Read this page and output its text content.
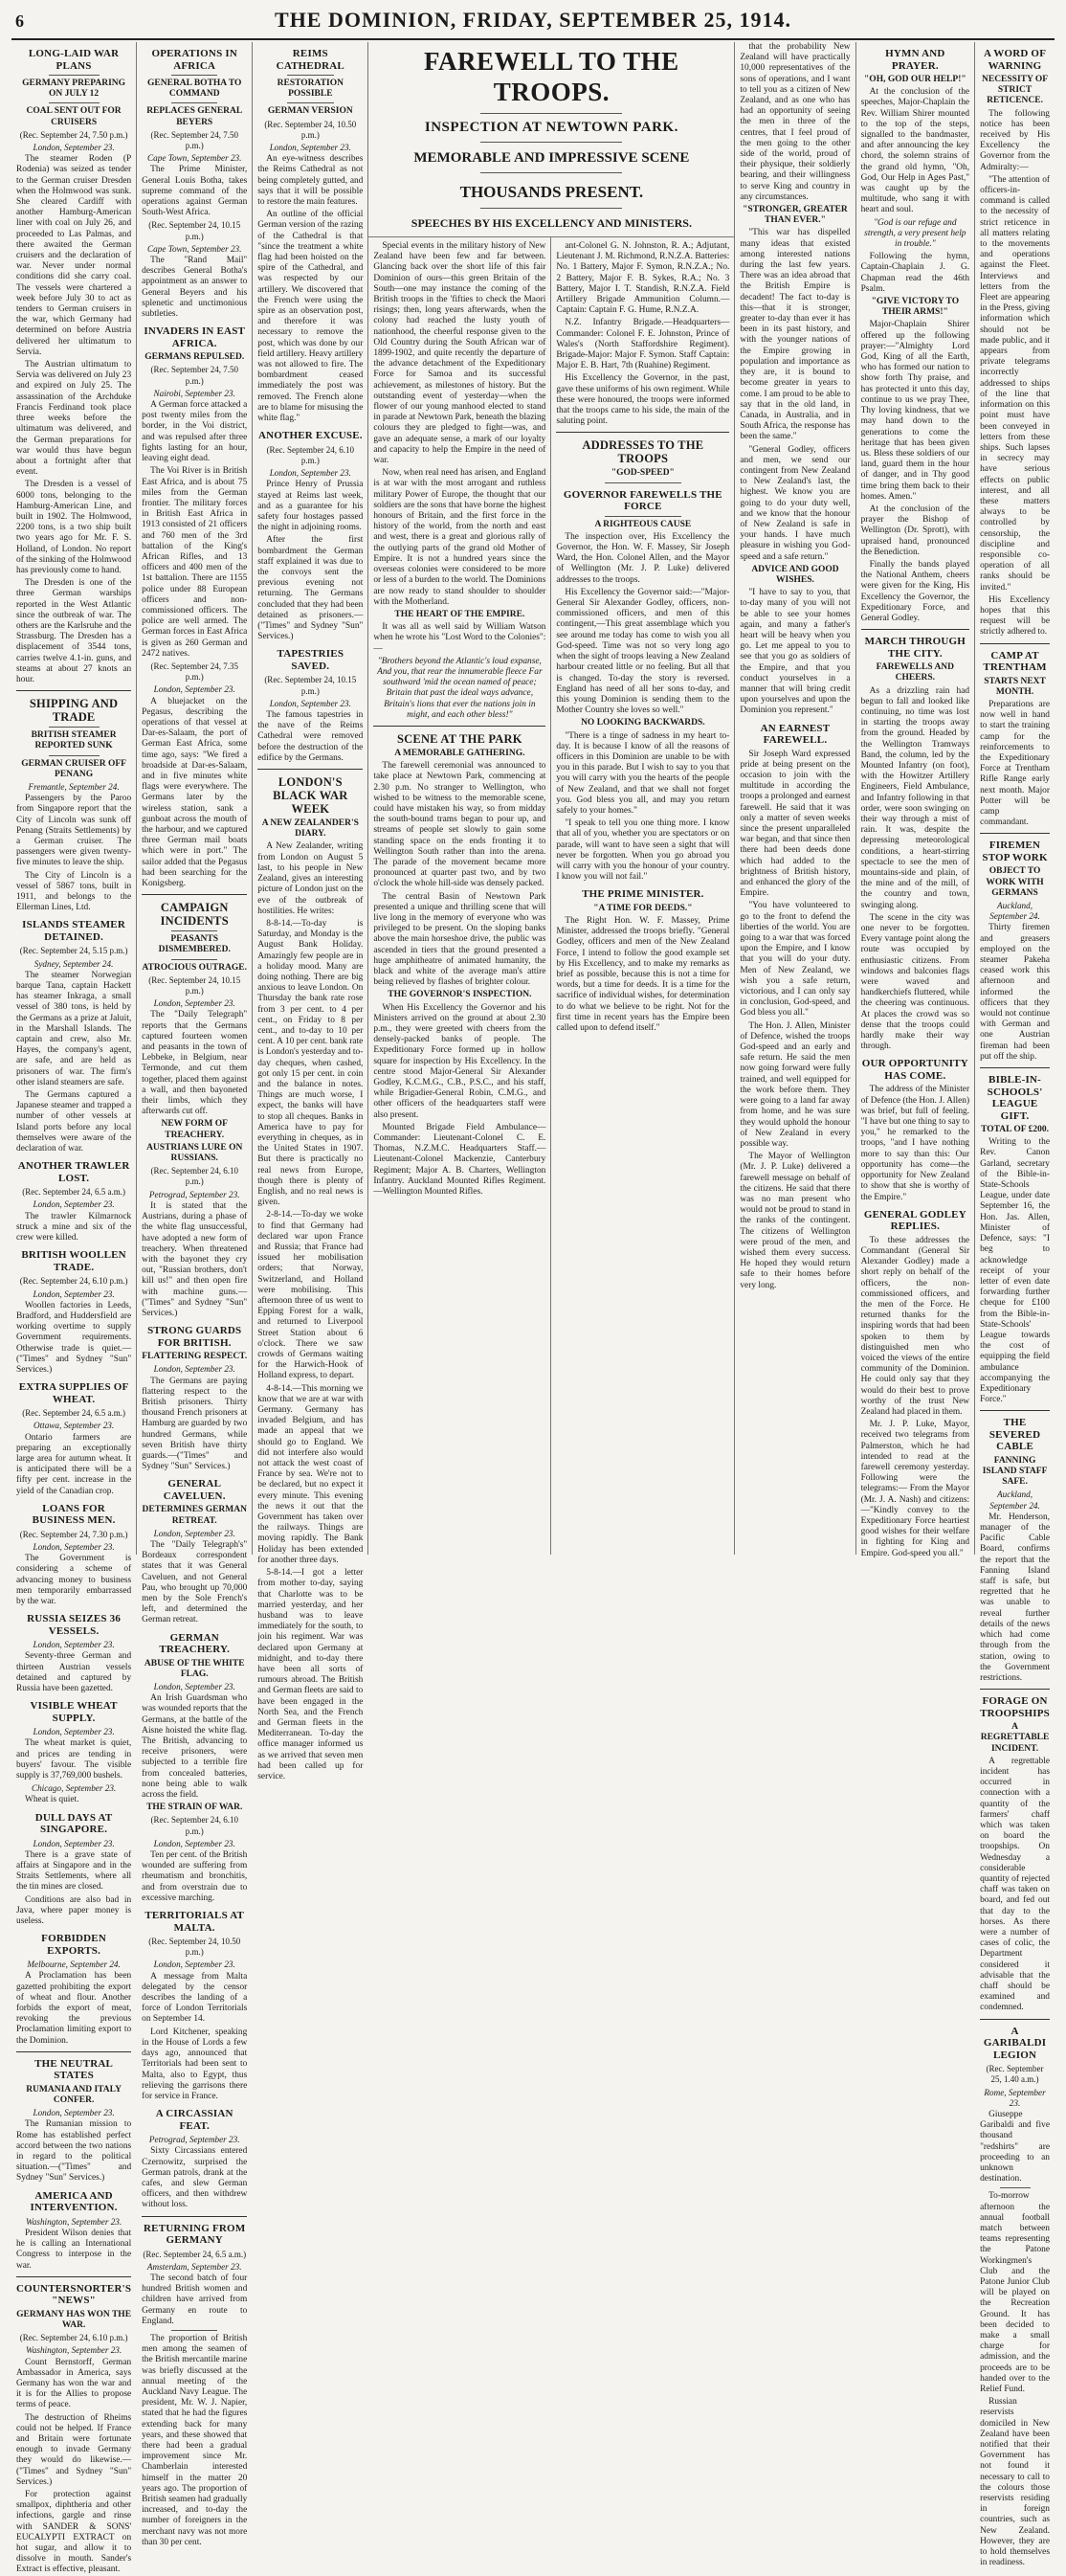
6	THE DOMINION, FRIDAY, SEPTEMBER 25, 1914.
LONG-LAID WAR PLANS
GERMANY PREPARING ON JULY 12
COAL SENT OUT FOR CRUISERS
(Rec. September 24, 7.50 p.m.)
London, September 23.

The steamer Roden (P Rodenia) was seized as tender to the German cruiser Dresden when the Holmwood was sunk. She cleared Cardiff with another Hamburg-American liner with coal on July 26, and proceeded to Las Palmas, and there awaited the German cruisers and the declaration of war. Never under normal conditions did she carry coal. The vessels were chartered a week before July 30 to act as tenders to German cruisers in the war, which Germany had determined on before Austria delivered her ultimatum to Servia.

The Austrian ultimatum to Servia was delivered on July 23 and expired on July 25. The assassination of the Archduke Francis Ferdinand took place three weeks before the ultimatum was delivered, and the German preparations for war would thus have begun about a fortnight after that event.

The Dresden is a vessel of 6000 tons, belonging to the Hamburg-American Line, and built in 1902. The Holmwood, 2200 tons, is a two ship built two years ago for Mr. F. S. Holland, of London. No report of the sinking of the Holmwood has previously come to hand.

The Dresden is one of the three German warships reported in the West Atlantic since the outbreak of war. The others are the Karlsruhe and the Strassburg. The Dresden has a displacement of 3544 tons, carries twelve 4.1-in. guns, and steams at about 27 knots an hour.

SHIPPING AND TRADE
BRITISH STEAMER REPORTED SUNK
GERMAN CRUISER OFF PENANG
Fremantle, September 24.

Passengers by the Paroo from Singapore report that the City of Lincoln was sunk off Penang (Straits Settlements) by a German cruiser. The passengers were given twenty-five minutes to leave the ship.

The City of Lincoln is a vessel of 5867 tons, built in 1911, and belongs to the Ellerman Lines, Ltd.

ISLANDS STEAMER DETAINED.
(Rec. September 24, 5.15 p.m.)
Sydney, September 24.

The steamer Norwegian barque Tana, captain Hackett has steamer Inkraga, a small vessel of 380 tons, is held by the Germans as a prize at Jaluit, in the Marshall Islands. The captain and crew, also Mr. Hayes, the company's agent, are safe, and are held as prisoners of war. The firm's other island steamers are safe.

The Germans captured a Japanese steamer and trapped a number of other vessels at Island ports before any local themselves were aware of the declaration of war.

ANOTHER TRAWLER LOST.
(Rec. September 24, 6.5 a.m.)
London, September 23.

The trawler Kilmarnock struck a mine and six of the crew were killed.

BRITISH WOOLLEN TRADE.
(Rec. September 24, 6.10 p.m.)
London, September 23.

Woollen factories in Leeds, Bradford, and Huddersfield are working overtime to supply Government requirements. Otherwise trade is quiet.—("Times" and Sydney "Sun" Services.)

EXTRA SUPPLIES OF WHEAT.
(Rec. September 24, 6.5 a.m.)
Ottawa, September 23.

Ontario farmers are preparing an exceptionally large area for autumn wheat. It is anticipated there will be a fifty per cent. increase in the yield of the Canadian crop.

LOANS FOR BUSINESS MEN.
(Rec. September 24, 7.30 p.m.)
London, September 23.

The Government is considering a scheme of advancing money to business men temporarily embarrassed by the war.

RUSSIA SEIZES 36 VESSELS.
London, September 23.

Seventy-three German and thirteen Austrian vessels detained and captured by Russia have been gazetted.

VISIBLE WHEAT SUPPLY.
London, September 23.

The wheat market is quiet, and prices are tending in buyers' favour. The visible supply is 37,769,000 bushels.

Chicago, September 23.

Wheat is quiet.

DULL DAYS AT SINGAPORE.
London, September 23.

There is a grave state of affairs at Singapore and in the Straits Settlements, where all the tin mines are closed.

Conditions are also bad in Java, where paper money is useless.

FORBIDDEN EXPORTS.
Melbourne, September 24.

A Proclamation has been gazetted prohibiting the export of wheat and flour. Another forbids the export of meat, revoking the previous Proclamation limiting export to the Dominion.

THE NEUTRAL STATES
RUMANIA AND ITALY CONFER.
London, September 23.

The Rumanian mission to Rome has established perfect accord between the two nations in regard to the political situation.—("Times" and Sydney "Sun" Services.)

AMERICA AND INTERVENTION.
Washington, September 23.

President Wilson denies that he is calling an International Congress to interpose in the war.

COUNTERSNORTER'S "NEWS"
GERMANY HAS WON THE WAR.
(Rec. September 24, 6.10 p.m.)
Washington, September 23.

Count Bernstorff, German Ambassador in America, says Germany has won the war and it is for the Allies to propose terms of peace.

The destruction of Rheims could not be helped. If France and Britain were fortunate enough to invade Germany they would do likewise.—("Times" and Sydney "Sun" Services.)

For protection against smallpox, diphtheria and other infections, gargle and rinse with SANDER & SONS' EUCALYPTI EXTRACT on hot sugar, and allow it to dissolve in mouth. Sander's Extract is effective, pleasant.

OPERATIONS IN AFRICA
GENERAL BOTHA TO COMMAND
REPLACES GENERAL BEYERS
(Rec. September 24, 7.50 p.m.)
Cape Town, September 23.

The Prime Minister, General Louis Botha, takes supreme command of the operations against German South-West Africa.

(Rec. September 24, 10.15 p.m.)
Cape Town, September 23.

The "Rand Mail" describes General Botha's appointment as an answer to General Beyers and his splenetic and unctimonious subtleties.

INVADERS IN EAST AFRICA.
GERMANS REPULSED.
(Rec. September 24, 7.50 p.m.)
Nairobi, September 23.

A German force attacked a post twenty miles from the border, in the Voi district, and was repulsed after three fights lasting for an hour, leaving eight dead.

The Voi River is in British East Africa, and is about 75 miles from the German frontier. The military forces in British East Africa in 1913 consisted of 21 officers and 760 men of the 3rd battalion of the King's African Rifles, and 13 officers and 400 men of the 1st battalion. There are 1155 police under 88 European officers and non-commissioned officers. The police are well armed. The German forces in East Africa is given as 260 German and 2472 natives.

(Rec. September 24, 7.35 p.m.)
London, September 23.

A bluejacket on the Pegasus, describing the operations of that vessel at Dar-es-Salaam, the port of German East Africa, some time ago, says: "We fired a broadside at Dar-es-Salaam, and in five minutes white flags were everywhere. The Germans later by the wireless station, sank a gunboat across the mouth of the harbour, and we captured three German mail boats which were in port." The sailor added that the Pegasus had been searching for the Konigsberg.

CAMPAIGN INCIDENTS
PEASANTS DISMEMBERED.
ATROCIOUS OUTRAGE.
(Rec. September 24, 10.15 p.m.)
London, September 23.

The "Daily Telegraph" reports that the Germans captured fourteen women and peasants in the town of Lebbeke, in Belgium, near Termonde, and cut them together, placed them against a wall, and then bayoneted their limbs, which they afterwards cut off.

NEW FORM OF TREACHERY.
AUSTRIANS LURE ON RUSSIANS.
(Rec. September 24, 6.10 p.m.)
Petrograd, September 23.

It is stated that the Austrians, during a phase of the white flag unsuccessful, have adopted a new form of treachery. When threatened with the bayonet they cry out, "Russian brothers, don't kill us!" and then open fire with machine guns.—("Times" and Sydney "Sun" Services.)

STRONG GUARDS FOR BRITISH.
FLATTERING RESPECT.
London, September 23.

The Germans are paying flattering respect to the British prisoners. Thirty thousand French prisoners at Hamburg are guarded by two hundred Germans, while seven British have thirty guards.—("Times" and Sydney "Sun" Services.)

GENERAL CAVELUEN.
DETERMINES GERMAN RETREAT.
London, September 23.

The "Daily Telegraph's" Bordeaux correspondent states that it was General Caveluen, and not General Pau, who brought up 70,000 men by the Sole French's left, and determined the German retreat.

GERMAN TREACHERY.
ABUSE OF THE WHITE FLAG.
London, September 23.

An Irish Guardsman who was wounded reports that the Germans, at the battle of the Aisne hoisted the white flag. The British, advancing to receive prisoners, were subjected to a terrible fire from concealed batteries, none being able to walk across the field.

THE STRAIN OF WAR.
(Rec. September 24, 6.10 p.m.)
London, September 23.

Ten per cent. of the British wounded are suffering from rheumatism and bronchitis, and from overstrain due to excessive marching.

TERRITORIALS AT MALTA.
(Rec. September 24, 10.50 p.m.)
London, September 23.

A message from Malta delegated by the censor describes the landing of a force of London Territorials on September 14.

Lord Kitchener, speaking in the House of Lords a few days ago, announced that Territorials had been sent to Malta, also to Egypt, thus relieving the garrisons there for service in France.

A CIRCASSIAN FEAT.
Petrograd, September 23.

Sixty Circassians entered Czernowitz, surprised the German patrols, drank at the cafes, and slew German officers, and then withdrew without loss.

RETURNING FROM GERMANY
(Rec. September 24, 6.5 a.m.)
Amsterdam, September 23.

The second batch of four hundred British women and children have arrived from Germany en route to England.

The proportion of British men among the seamen of the British mercantile marine was briefly discussed at the annual meeting of the Auckland Navy League. The president, Mr. W. J. Napier, stated that he had the figures extending back for many years, and these showed that there had been a gradual improvement since Mr. Chamberlain interested himself in the matter 20 years ago. The proportion of British seamen had gradually increased, and to-day the number of foreigners in the merchant navy was not more than 30 per cent.

REIMS CATHEDRAL
RESTORATION POSSIBLE
GERMAN VERSION
(Rec. September 24, 10.50 p.m.)
London, September 23.

An eye-witness describes the Reims Cathedral as not being completely gutted, and says that it will be possible to restore the main features.

An outline of the official German version of the razing of the Cathedral is that "since the treatment a white flag had been hoisted on the spire of the Cathedral, and was respected by our artillery. We discovered that the French were using the spire as an observation post, and therefore it was necessary to remove the post, which was done by our field artillery. Heavy artillery was not allowed to fire. The bombardment ceased immediately the post was removed. The French alone are to blame for misusing the white flag."

ANOTHER EXCUSE.
(Rec. September 24, 6.10 p.m.)
London, September 23.

Prince Henry of Prussia stayed at Reims last week, and as a guarantee for his safety four hostages passed the night in adjoining rooms.

After the first bombardment the German staff explained it was due to the convoys sent the previous evening not returning. The Germans concluded that they had been detained as prisoners.—("Times" and Sydney "Sun" Services.)

TAPESTRIES SAVED.
(Rec. September 24, 10.15 p.m.)
London, September 23.

The famous tapestries in the nave of the Reims Cathedral were removed before the destruction of the edifice by the Germans.

LONDON'S BLACK WAR WEEK
A NEW ZEALANDER'S DIARY.

A New Zealander, writing from London on August 5 last, to his people in New Zealand, gives an interesting picture of London just on the eve of the outbreak of hostilities. He writes:

8-8-14.—To-day is Saturday, and Monday is the August Bank Holiday. Amazingly few people are in a holiday mood. Many are doing nothing. There are big anxious to leave London. On Thursday the bank rate rose from 3 per cent. to 4 per cent., on Friday to 8 per cent., and to-day to 10 per cent. A 10 per cent. bank rate is London's yesterday and to-day cheques, when cashed, got only 15 per cent. in coin and the balance in notes. Things are much worse, I expect, the banks will have to stop all cheques. Banks in America have to pay for everything in cheques, as in the United States in 1907. But there is practically no real news from Europe, though there is plenty of English, and no real news is given.

2-8-14.—To-day we woke to find that Germany had declared war upon France and Russia; that France had issued her mobilisation orders; that Norway, Switzerland, and Holland were mobilising. This afternoon three of us went to Epping Forest for a walk, and returned to Liverpool Street Station about 6 o'clock. There we saw crowds of Germans waiting for the Harwich-Hook of Holland express, to depart.

4-8-14.—This morning we know that we are at war with Germany. Germany has invaded Belgium, and has made an appeal that we should go to England. We did not interfere also would not attack the west coast of France by sea. We're not to be declared, but no expect it every minute. This evening the news it out that the Government has taken over the railways. Things are moving rapidly. The Bank Holiday has been extended for another three days.

5-8-14.—I got a letter from mother to-day, saying that Charlotte was to be married yesterday, and her husband was to leave immediately for the south, to join his regiment. War was declared upon Germany at midnight, and to-day there have been all sorts of rumours abroad. The British and German fleets are said to have been engaged in the North Sea, and the French and German fleets in the Mediterranean. To-day the office manager informed us as we arrived that seven men had been called up for service.

FAREWELL TO THE TROOPS.
INSPECTION AT NEWTOWN PARK.
MEMORABLE AND IMPRESSIVE SCENE
THOUSANDS PRESENT.
SPEECHES BY HIS EXCELLENCY AND MINISTERS.

Special events in the military history of New Zealand have been few and far between. Glancing back over the short life of this fair Dominion of ours—this green Britain of the South—one may instance the coming of the British troops in the 'fifties to check the Maori risings; then, long years afterwards, when the colony had reached the lusty youth of nationhood, the cheerful response given to the Old Country during the South African war of 1899-1902, and quite recently the departure of the advance detachment of the Expeditionary Force for Samoa and its successful achievement, as milestones of history. But the outstanding event of yesterday—when the flower of our young manhood elected to stand in parade at Newtown Park, beneath the blazing colours they are pledged to fight—was, and gave an adequate sense, a mark of our loyalty and capacity to help the Empire in the need of war.

Now, when real need has arisen, and England is at war with the most arrogant and ruthless military Power of Europe, the thought that our soldiers are the sons that have borne the highest honours of Britain, and the first force in the history of the world, from the north and east and west, there is a great and glorious rally of the outlying parts of the grand old Mother of Empire. It is not a hundred years since the overseas colonies were considered to be more or less of a burden to the world. The Dominions are now ready to stand shoulder to shoulder with the Motherland.

THE HEART OF THE EMPIRE.

It was all as well said by William Watson when he wrote his "Lost Word to the Colonies":—

"Brothers beyond the Atlantic's loud expanse, And you, that rear the innumerable fleece Far southward 'mid the ocean named of peace; Britain that past the ideal ways advance, Britain's lions that ever the nations join in might, and each other bless!"
SCENE AT THE PARK
A MEMORABLE GATHERING.

The farewell ceremonial was announced to take place at Newtown Park, commencing at 2.30 p.m. No stranger to Wellington, who wished to be witness to the memorable scene, could have mistaken his way, so from midday the south-bound trams began to pour up, and streams of people set slowly to gain some standing space on the ends fronting it to Wellington South rather than into the arena. The parade of the movement became more pronounced at quarter past two, and by two o'clock the whole hill-side was densely packed.

The central Basin of Newtown Park presented a unique and thrilling scene that will live long in the memory of everyone who was privileged to be present. On the sloping banks above the main horseshoe drive, the public was ascended in tiers that the ground presented a huge amphitheatre of animated humanity, the black and white of the average man's attire being relieved by flashes of brighter colour.

THE GOVERNOR'S INSPECTION.

When His Excellency the Governor and his Ministers arrived on the ground at about 2.30 p.m., they were greeted with cheers from the densely-packed banks of people. The Expeditionary Force formed up in hollow square for inspection by His Excellency. In the centre stood Major-General Sir Alexander Godley, K.C.M.G., C.B., P.S.C., and his staff, while Brigadier-General Robin, C.M.G., and other officers of the headquarters staff were also present.

Mounted Brigade Field Ambulance—Commander: Lieutenant-Colonel C. E. Thomas, N.Z.M.C. Headquarters Staff.—Lieutenant-Colonel Mackenzie, Canterbury Regiment; Major A. B. Charters, Wellington Infantry. Auckland Mounted Rifles Regiment.—Wellington Mounted Rifles.

ant-Colonel G. N. Johnston, R. A.; Adjutant, Lieutenant J. M. Richmond, R.N.Z.A. Batteries: No. 1 Battery, Major F. Symon, R.N.Z.A.; No. 2 Battery, Major F. B. Sykes, R.A.; No. 3 Battery, Major I. T. Standish, R.N.Z.A. Field Artillery Brigade Ammunition Column.—Captain: Captain F. G. Hume, R.N.Z.A.

N.Z. Infantry Brigade.—Headquarters—Commander: Colonel F. E. Johnston, Prince of Wales's (North Staffordshire Regiment). Brigade-Major: Major F. Symon. Staff Captain: Major E. B. Hart, 7th (Ruahine) Regiment.

His Excellency the Governor, in the past, gave these uniforms of his own regiment. While these were honoured, the troops were informed that the troops came to his side, the main of the saluting point.

ADDRESSES TO THE TROOPS
"GOD-SPEED"
GOVERNOR FAREWELLS THE FORCE
A RIGHTEOUS CAUSE

The inspection over, His Excellency the Governor, the Hon. W. F. Massey, Sir Joseph Ward, the Hon. Colonel Allen, and the Mayor of Wellington (Mr. J. P. Luke) delivered addresses to the troops.

His Excellency the Governor said:—"Major-General Sir Alexander Godley, officers, non-commissioned officers, and men of this contingent,—This great assemblage which you see around me today has come to wish you all God-speed. Time was not so very long ago when the sight of troops leaving a New Zealand harbour created little or no feeling. But all that is changed. To-day the story is reversed. England has need of all her sons to-day, and this young Dominion is sending them to the Mother Country she loves so well."

NO LOOKING BACKWARDS.

"There is a tinge of sadness in my heart to-day. It is because I know of all the reasons of officers in this Dominion are unable to be with you in this parade. But I wish to say to you that you will carry with you the hearts of the people of New Zealand, and that we shall not forget you. God bless you all, and may you return safely to your homes."

"I speak to tell you one thing more. I know that all of you, whether you are spectators or on parade, will want to have seen a sight that will never be forgotten. When you go abroad you will carry with you the honour of your country. I know you will not fail."

THE PRIME MINISTER.
"A TIME FOR DEEDS."

The Right Hon. W. F. Massey, Prime Minister, addressed the troops briefly. "General Godley, officers and men of the New Zealand Force, I intend to follow the good example set by His Excellency, and to make my remarks as brief as possible, because this is not a time for words, but a time for deeds. It is a time for the sacrifice of individual wishes, for determination to do what we believe to be right. Not for the first time in recent years has the Empire been called upon to defend itself."

that the probability New Zealand will have practically 10,000 representatives of the sons of operations, and I want to tell you as a citizen of New Zealand, and as one who has had an opportunity of seeing the men in three of the centres, that I feel proud of the men going to the other side of the world, proud of their physique, their soldierly bearing, and their willingness to serve King and country in any circumstances.

"STRONGER, GREATER THAN EVER."

"This war has dispelled many ideas that existed among interested nations during the last few years. There was an idea abroad that the British Empire is decadent! The fact to-day is this—that it is stronger, greater to-day than ever it has been in its past history, and with the younger nations of the Empire growing in population and importance as they are, it is bound to become greater in years to come. I am proud to be able to say that in the old land, in Canada, in Australia, and in South Africa, the response has been the same."

"General Godley, officers and men, we send our contingent from New Zealand to New Zealand's last, the highest. We know you are going to do your duty well, and we know that the honour of New Zealand is safe in your hands. I have much pleasure in wishing you God-speed and a safe return."

ADVICE AND GOOD WISHES.

"I have to say to you, that to-day many of you will not be able to see your homes again, and many a father's heart will be heavy when you go. Let me appeal to you to see that you go as soldiers of the Empire, and that you conduct yourselves in a manner that will bring credit upon yourselves and upon the Dominion you represent."

AN EARNEST FAREWELL.

Sir Joseph Ward expressed pride at being present on the occasion to join with the multitude in according the troops a prolonged and earnest farewell. He said that it was only a matter of seven weeks since the present unparalleled war began, and that since then there had been deeds done which had added to the brightness of British history, and enhanced the glory of the Empire.

"You have volunteered to go to the front to defend the liberties of the world. You are going to a war that was forced upon the Empire, and I know that you will do your duty. Men of New Zealand, we wish you a safe return, victorious, and I can only say in conclusion, God-speed, and God bless you all."

The Hon. J. Allen, Minister of Defence, wished the troops God-speed and an early and safe return. He said the men now going forward were fully trained, and well equipped for the work before them. They were going to a land far away from home, and he was sure they would uphold the honour of New Zealand in every possible way.

The Mayor of Wellington (Mr. J. P. Luke) delivered a farewell message on behalf of the citizens. He said that there was no man present who would not be proud to stand in the ranks of the contingent. The citizens of Wellington were proud of the men, and wished them every success. He hoped they would return safe to their homes before very long.

HYMN AND PRAYER.
"OH, GOD OUR HELP!"

At the conclusion of the speeches, Major-Chaplain the Rev. William Shirer mounted to the top of the steps, signalled to the bandmaster, and after announcing the key chord, the solemn strains of the grand old hymn, "Oh, God, Our Help in Ages Past," was caught up by the multitude, who sang it with heart and soul.

"God is our refuge and strength, a very present help in trouble."

Following the hymn, Captain-Chaplain J. G. Chapman read the 46th Psalm.

"GIVE VICTORY TO THEIR ARMS!"

Major-Chaplain Shirer offered up the following prayer:—"Almighty Lord God, King of all the Earth, who has formed our nation to show forth Thy praise, and has protected it unto this day, continue to us we pray Thee, Thy loving kindness, that we may hand down to the generations to come the heritage that has been given us. Bless these soldiers of our land, guard them in the hour of danger, and in Thy good time bring them back to their homes. Amen."

At the conclusion of the prayer the Bishop of Wellington (Dr. Sprott), with upraised hand, pronounced the Benediction.

Finally the bands played the National Anthem, cheers were given for the King, His Excellency the Governor, the Expeditionary Force, and General Godley.

MARCH THROUGH THE CITY.
FAREWELLS AND CHEERS.

As a drizzling rain had begun to fall and looked like continuing, no time was lost in starting the troops away from the ground. Headed by the Wellington Tramways Band, the column, led by the Mounted Infantry (on foot), with the Howitzer Artillery Engineers, Field Ambulance, and Infantry following in that order, were soon swinging on their way through a mist of rain. It was, despite the depressing meteorological conditions, a heart-stirring spectacle to see the men of mountains-side and plain, of the mine and of the mill, of the country and town, swinging along.

The scene in the city was one never to be forgotten. Every vantage point along the route was occupied by enthusiastic citizens. From windows and balconies flags were waved and handkerchiefs fluttered, while the cheering was continuous. At places the crowd was so dense that the troops could hardly make their way through.

OUR OPPORTUNITY HAS COME.

The address of the Minister of Defence (the Hon. J. Allen) was brief, but full of feeling. "I have but one thing to say to you," he remarked to the troops, "and I have nothing more to say than this: Our opportunity has come—the opportunity for New Zealand to show that she is worthy of the Empire."

GENERAL GODLEY REPLIES.

To these addresses the Commandant (General Sir Alexander Godley) made a short reply on behalf of the officers, the non-commissioned officers, and the men of the Force. He returned thanks for the inspiring words that had been spoken to them by distinguished men who voiced the views of the entire community of the Dominion. He could only say that they would do their best to prove worthy of the trust New Zealand had placed in them.

Mr. J. P. Luke, Mayor, received two telegrams from Palmerston, which he had intended to read at the farewell ceremony yesterday. Following were the telegrams:— From the Mayor (Mr. J. A. Nash) and citizens:—"Kindly convey to the Expeditionary Force heartiest good wishes for their welfare in fighting for King and Empire. God-speed you all."

A WORD OF WARNING
NECESSITY OF STRICT RETICENCE.

The following notice has been received by His Excellency the Governor from the Admiralty:—

"The attention of officers-in-command is called to the necessity of strict reticence in all matters relating to the movements and operations against the Fleet. Interviews and letters from the Fleet are appearing in the Press, giving information which should not be made public, and it appears from private telegrams incorrectly addressed to ships of the line that information on this point must have been conveyed in letters from these ships. Such lapses in secrecy may have serious effects on public interest, and all these matters always to be controlled by censorship, the discipline and responsible co-operation of all ranks should be invited."

His Excellency hopes that this request will be strictly adhered to.

CAMP AT TRENTHAM
STARTS NEXT MONTH.

Preparations are now well in hand to start the training camp for the reinforcements to the Expeditionary Force at Trentham Rifle Range early next month. Major Potter will be camp commandant.

FIREMEN STOP WORK
OBJECT TO WORK WITH GERMANS
Auckland, September 24.

Thirty firemen and greasers employed on the steamer Pakeha ceased work this afternoon and informed the officers that they would not continue with German and one Austrian fireman had been put off the ship.

BIBLE-IN-SCHOOLS' LEAGUE GIFT.
TOTAL OF £200.

Writing to the Rev. Canon Garland, secretary of the Bible-in-State-Schools League, under date September 16, the Hon. Jas. Allen, Minister of Defence, says: "I beg to acknowledge receipt of your letter of even date forwarding further cheque for £100 from the Bible-in-State-Schools' League towards the cost of equipping the field ambulance accompanying the Expeditionary Force."

THE SEVERED CABLE
FANNING ISLAND STAFF SAFE.
Auckland, September 24.

Mr. Henderson, manager of the Pacific Cable Board, confirms the report that the Fanning Island staff is safe, but regretted that he was unable to reveal further details of the news which had come through from the station, owing to the Government restrictions.

FORAGE ON TROOPSHIPS
A REGRETTABLE INCIDENT.

A regrettable incident has occurred in connection with a quantity of the farmers' chaff which was taken on board the troopships. On Wednesday a considerable quantity of rejected chaff was taken on board, and fed out that day to the horses. As there were a number of cases of colic, the Department considered it advisable that the chaff should be examined and condemned.

A GARIBALDI LEGION
(Rec. September 25, 1.40 a.m.)
Rome, September 23.

Giuseppe Garibaldi and five thousand "redshirts" are proceeding to an unknown destination.

To-morrow afternoon the annual football match between teams representing the Patone Workingmen's Club and the Patone Junior Club will be played on the Recreation Ground. It has been decided to make a small charge for admission, and the proceeds are to be handed over to the Relief Fund.

Russian reservists domiciled in New Zealand have been notified that their Government has not found it necessary to call to the colours those reservists residing in foreign countries, such as New Zealand. However, they are to hold themselves in readiness.
